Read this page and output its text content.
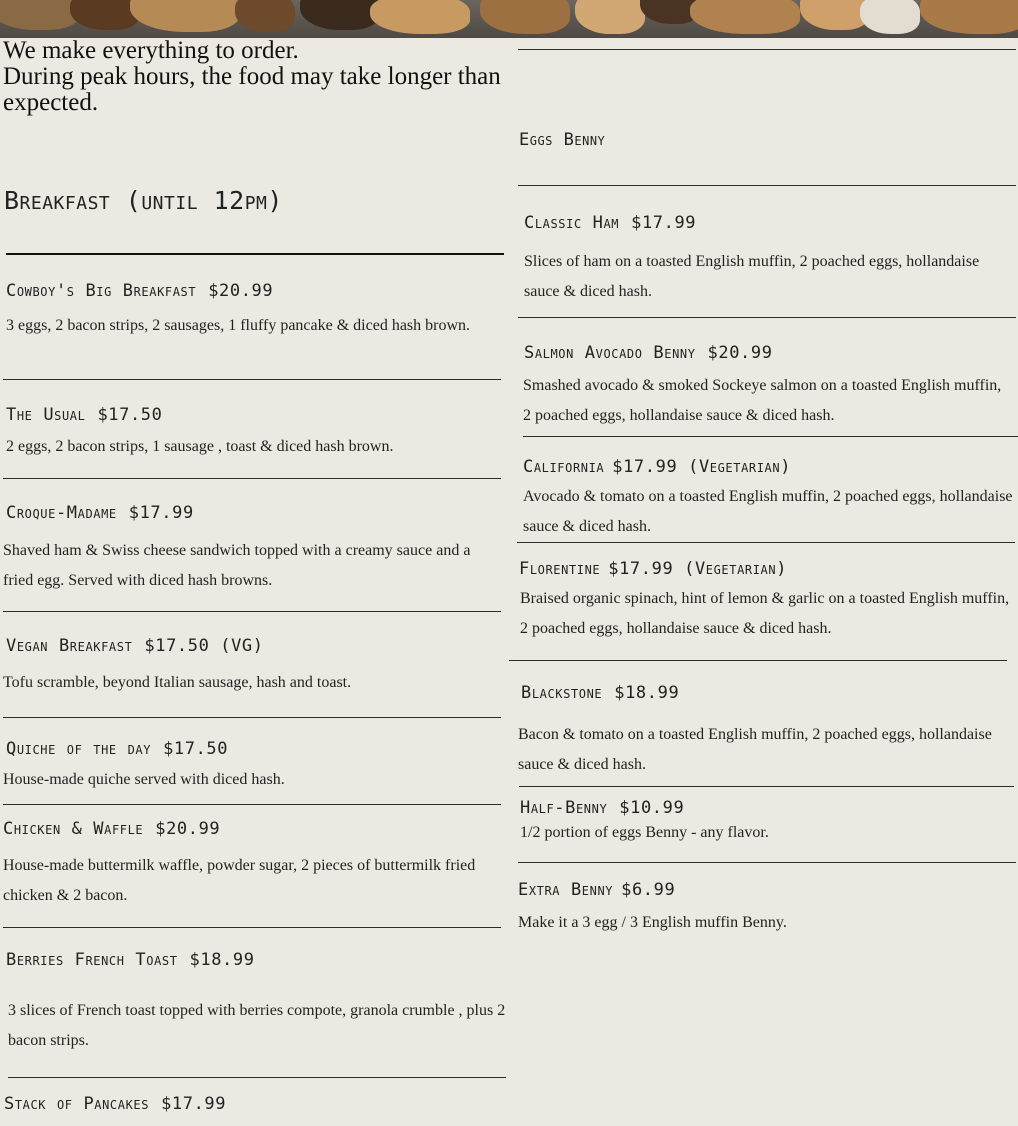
We make everything to order.
During peak hours, the food may take longer than expected.
Breakfast (until 12pm)
Cowboy's Big Breakfast $20.99
3 eggs, 2 bacon strips, 2 sausages, 1 fluffy pancake & diced hash brown.
The Usual $17.50
2 eggs, 2 bacon strips, 1 sausage , toast & diced hash brown.
Croque-Madame $17.99
Shaved ham & Swiss cheese sandwich topped with a creamy sauce and a fried egg. Served with diced hash browns.
Vegan Breakfast $17.50 (VG)
Tofu scramble, beyond Italian sausage, hash and toast.
Quiche of the day $17.50
House-made quiche served with diced hash.
Chicken & Waffle $20.99
House-made buttermilk waffle, powder sugar, 2 pieces of buttermilk fried chicken & 2 bacon.
Berries French Toast $18.99
3 slices of French toast topped with berries compote, granola crumble , plus 2 bacon strips.
Stack of Pancakes $17.99
Eggs Benny
Classic Ham $17.99
Slices of ham on a toasted English muffin, 2 poached eggs, hollandaise sauce & diced hash.
Salmon Avocado Benny $20.99
Smashed avocado & smoked Sockeye salmon on a toasted English muffin, 2 poached eggs, hollandaise sauce & diced hash.
California $17.99 (Vegetarian)
Avocado & tomato on a toasted English muffin, 2 poached eggs, hollandaise sauce & diced hash.
Florentine $17.99 (Vegetarian)
Braised organic spinach, hint of lemon & garlic on a toasted English muffin, 2 poached eggs, hollandaise sauce & diced hash.
Blackstone $18.99
Bacon & tomato on a toasted English muffin, 2 poached eggs, hollandaise sauce & diced hash.
Half-Benny $10.99
1/2 portion of eggs Benny - any flavor.
Extra Benny $6.99
Make it a 3 egg / 3 English muffin Benny.
